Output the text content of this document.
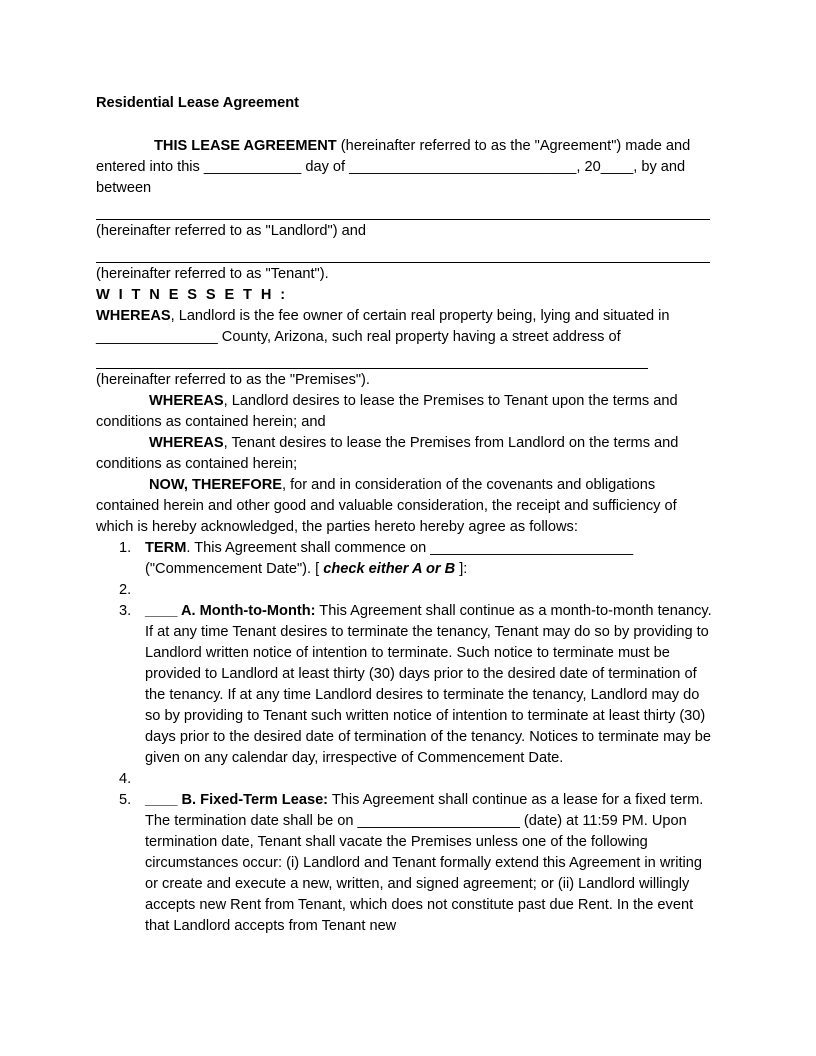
Residential Lease Agreement

THIS LEASE AGREEMENT (hereinafter referred to as the "Agreement") made and entered into this ____________ day of ____________________________, 20____, by and between

(hereinafter referred to as "Landlord") and

(hereinafter referred to as "Tenant").

W I T N E S S E T H :

WHEREAS, Landlord is the fee owner of certain real property being, lying and situated in _______________ County, Arizona, such real property having a street address of

(hereinafter referred to as the "Premises").

WHEREAS, Landlord desires to lease the Premises to Tenant upon the terms and conditions as contained herein; and

WHEREAS, Tenant desires to lease the Premises from Landlord on the terms and conditions as contained herein;

NOW, THEREFORE, for and in consideration of the covenants and obligations contained herein and other good and valuable consideration, the receipt and sufficiency of which is hereby acknowledged, the parties hereto hereby agree as follows:

1. TERM. This Agreement shall commence on _________________________ ("Commencement Date"). [ check either A or B ]:
2.
3. ____ A. Month-to-Month: This Agreement shall continue as a month-to-month tenancy. If at any time Tenant desires to terminate the tenancy, Tenant may do so by providing to Landlord written notice of intention to terminate. Such notice to terminate must be provided to Landlord at least thirty (30) days prior to the desired date of termination of the tenancy. If at any time Landlord desires to terminate the tenancy, Landlord may do so by providing to Tenant such written notice of intention to terminate at least thirty (30) days prior to the desired date of termination of the tenancy. Notices to terminate may be given on any calendar day, irrespective of Commencement Date.
4.
5. ____ B. Fixed-Term Lease: This Agreement shall continue as a lease for a fixed term. The termination date shall be on ____________________ (date) at 11:59 PM. Upon termination date, Tenant shall vacate the Premises unless one of the following circumstances occur: (i) Landlord and Tenant formally extend this Agreement in writing or create and execute a new, written, and signed agreement; or (ii) Landlord willingly accepts new Rent from Tenant, which does not constitute past due Rent. In the event that Landlord accepts from Tenant new
